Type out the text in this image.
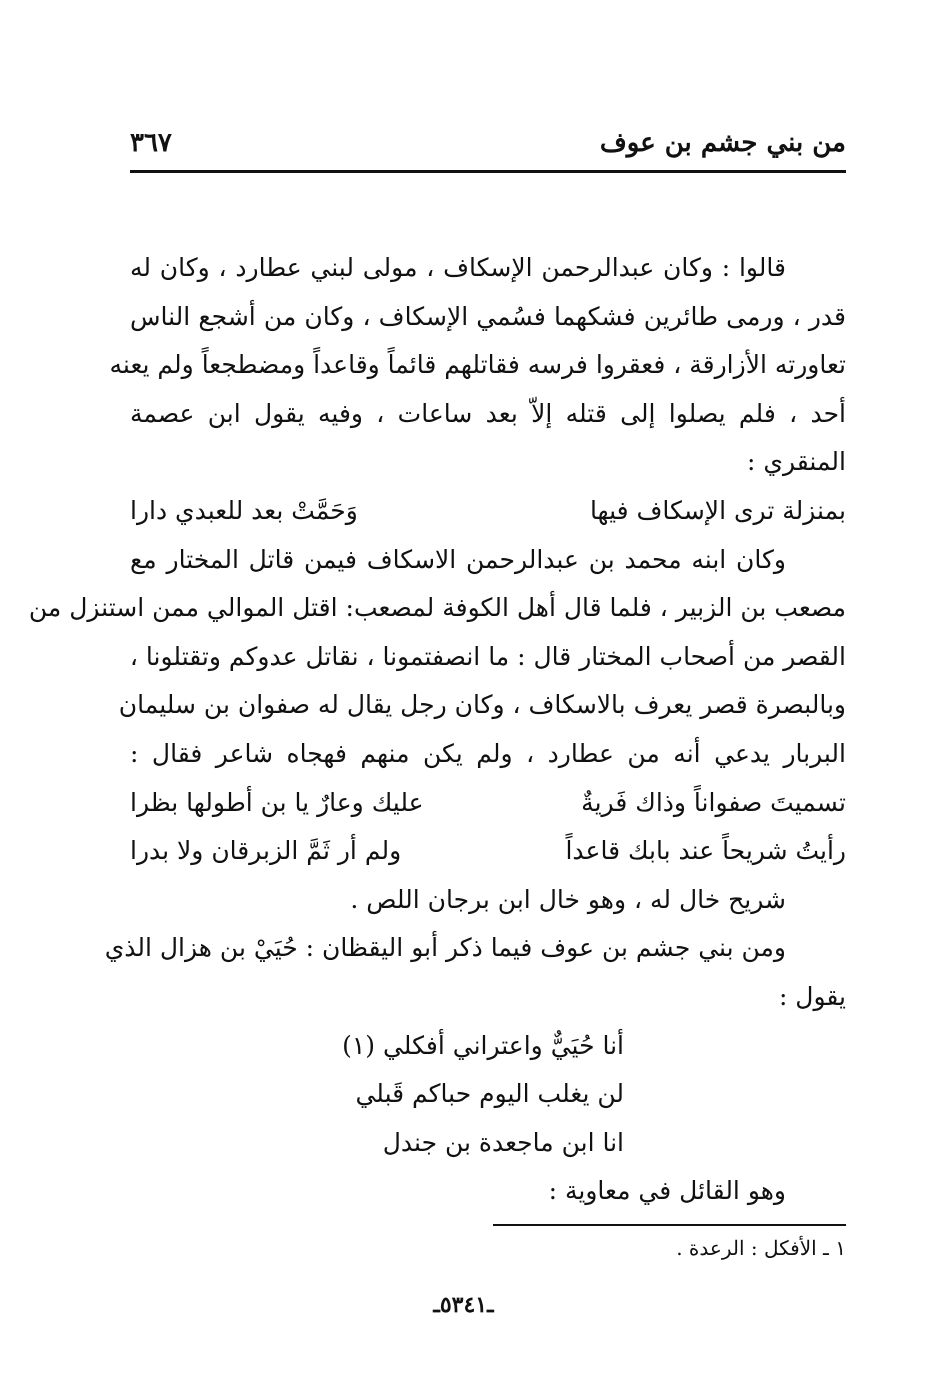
من بني جشم بن عوف
٣٦٧
قالوا : وكان عبدالرحمن الإسكاف ، مولى لبني عطارد ، وكان له
قدر ، ورمى طائرين فشكهما فسُمي الإسكاف ، وكان من أشجع الناس
تعاورته الأزارقة ، فعقروا فرسه فقاتلهم قائماً وقاعداً ومضطجعاً ولم يعنه
أحد ، فلم يصلوا إلى قتله إلاّ بعد ساعات ، وفيه يقول ابن عصمة
المنقري :
بمنزلة ترى الإسكاف فيها
وَحَمَّتْ بعد للعبدي دارا
وكان ابنه محمد بن عبدالرحمن الاسكاف فيمن قاتل المختار مع
مصعب بن الزبير ، فلما قال أهل الكوفة لمصعب: اقتل الموالي ممن استنزل من
القصر من أصحاب المختار قال : ما انصفتمونا ، نقاتل عدوكم وتقتلونا ،
وبالبصرة قصر يعرف بالاسكاف ، وكان رجل يقال له صفوان بن سليمان
البربار يدعي أنه من عطارد ، ولم يكن منهم فهجاه شاعر فقال :
تسميتَ صفواناً وذاك فَريةٌ
عليك وعارٌ يا بن أطولها بظرا
رأيتُ شريحاً عند بابك قاعداً
ولم أر ثَمَّ الزبرقان ولا بدرا
شريح خال له ، وهو خال ابن برجان اللص .
ومن بني جشم بن عوف فيما ذكر أبو اليقظان : حُيَيْ بن هزال الذي
يقول :
أنا حُيَيٌّ واعتراني أفكلي (١)
لن يغلب اليوم حباكم قَبلي
انا ابن ماجعدة بن جندل
وهو القائل في معاوية :
١ ـ الأفكل : الرعدة .
ـ٥٣٤١ـ
